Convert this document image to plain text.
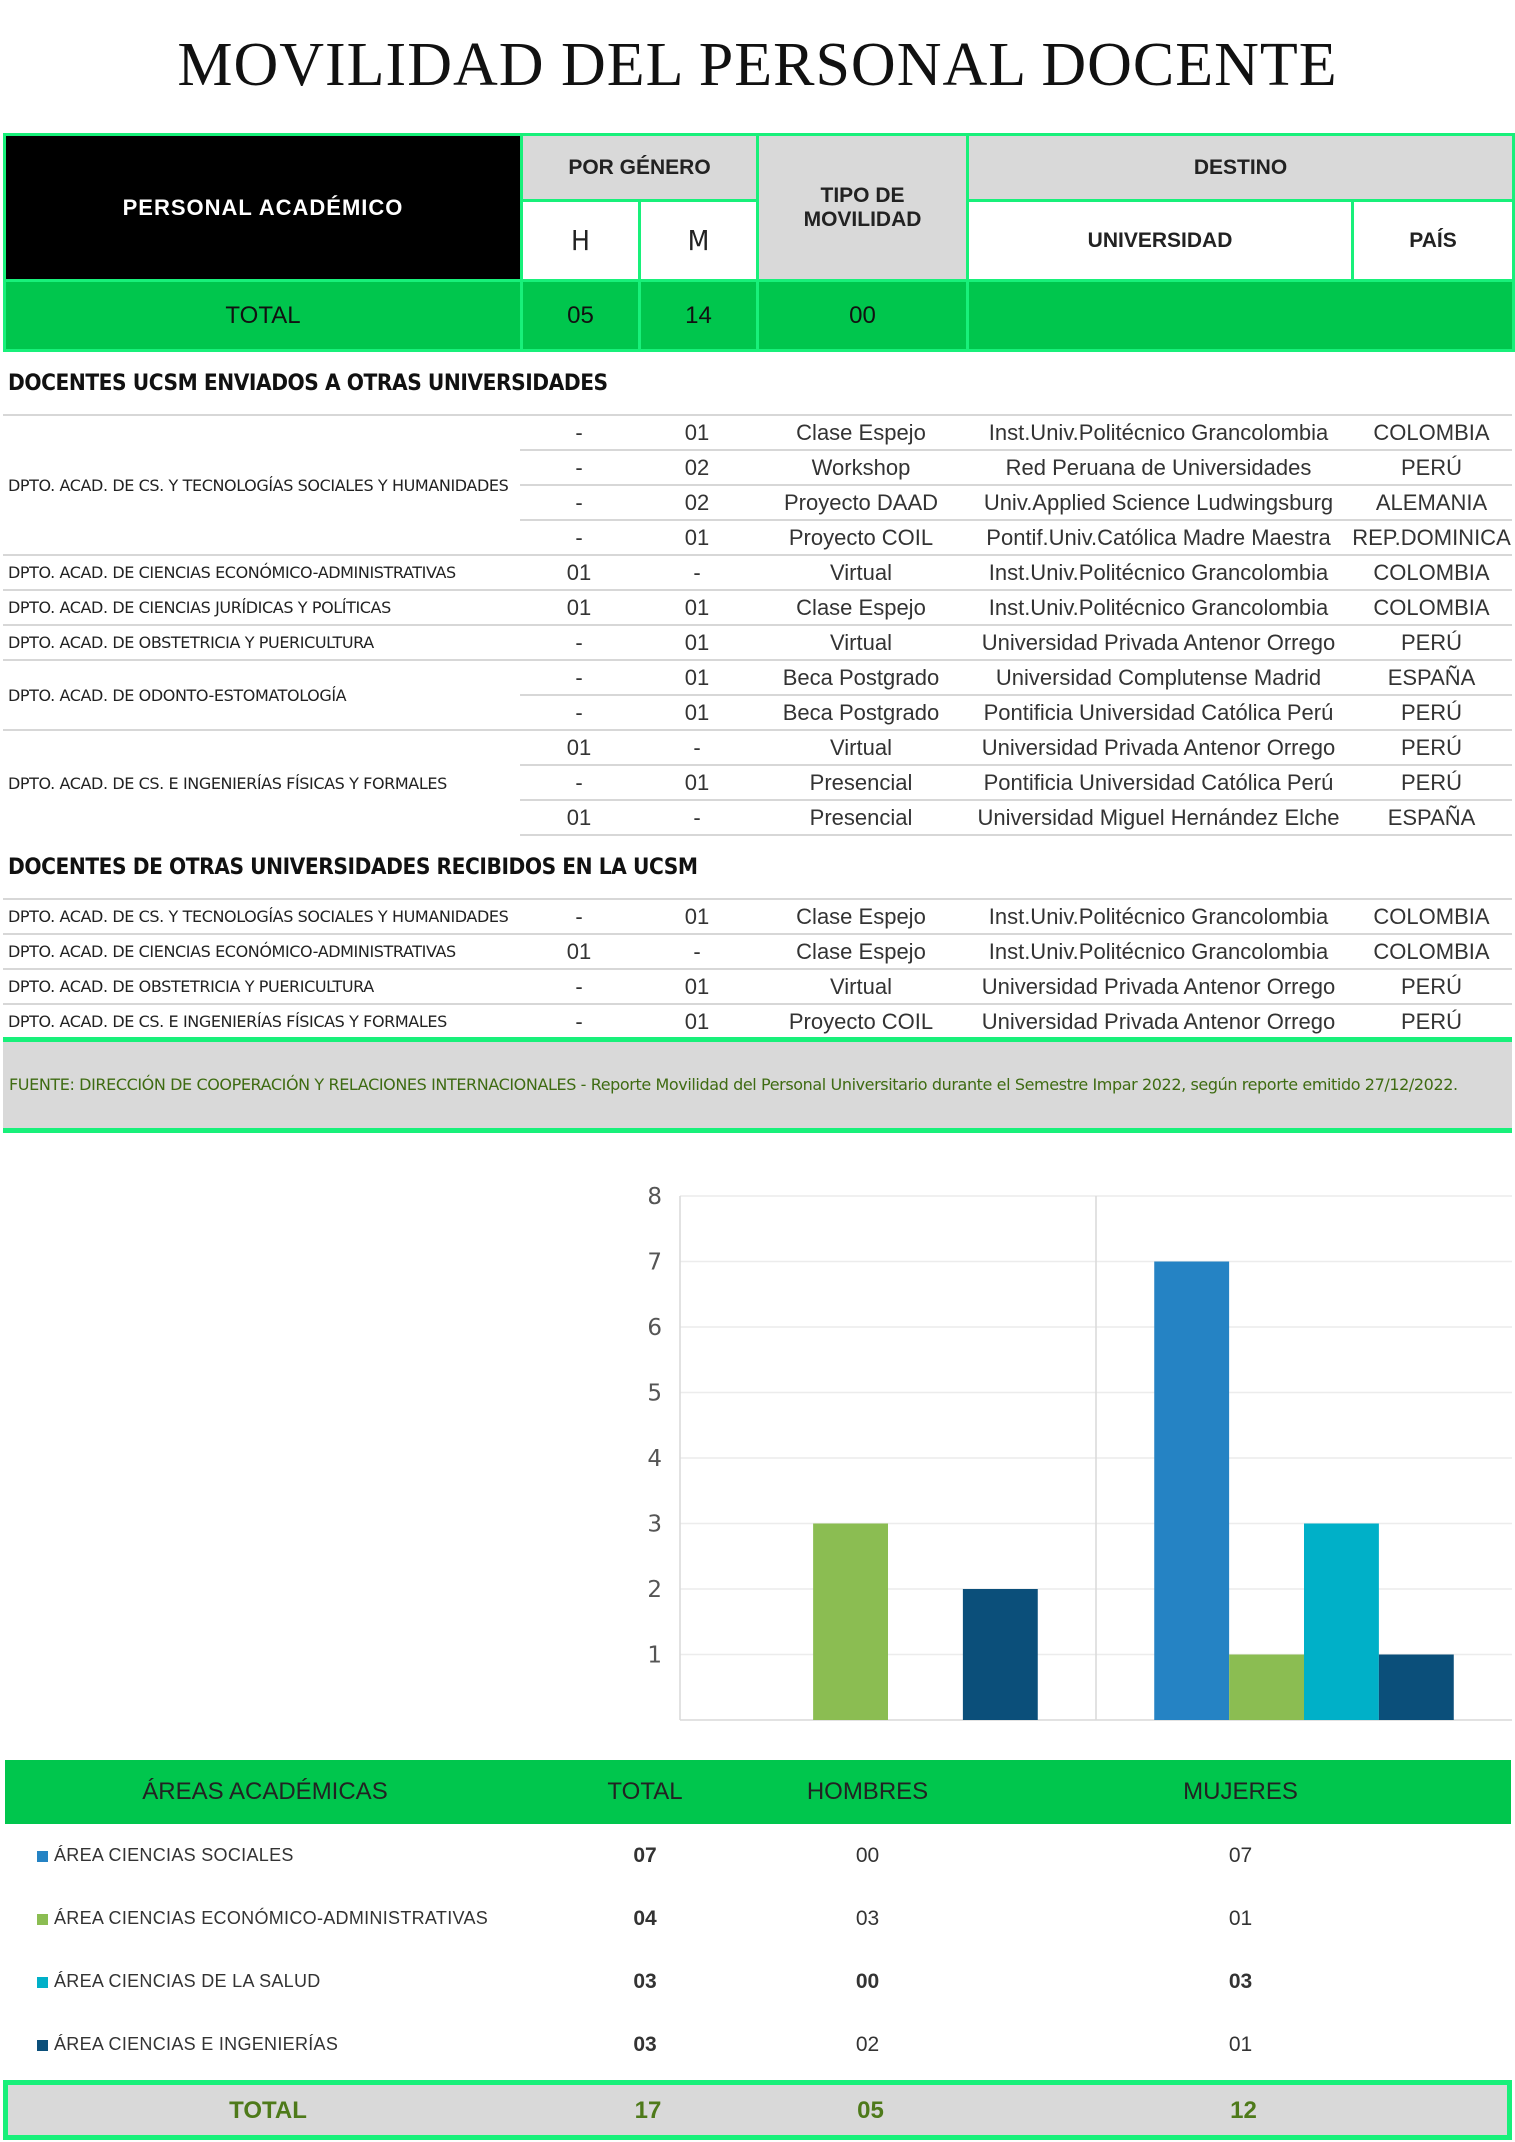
MOVILIDAD DEL PERSONAL DOCENTE
PERSONAL ACADÉMICO	POR GÉNERO		TIPO DE MOVILIDAD	DESTINO	
	H	M		UNIVERSIDAD	PAÍS
TOTAL	05	14	00		
DOCENTES UCSM ENVIADOS A OTRAS UNIVERSIDADES
DPTO. ACAD. DE CS. Y TECNOLOGÍAS SOCIALES Y HUMANIDADES	-	01	Clase Espejo	Inst.Univ.Politécnico Grancolombia	COLOMBIA
	-	02	Workshop	Red Peruana de Universidades	PERÚ
	-	02	Proyecto DAAD	Univ.Applied Science Ludwingsburg	ALEMANIA
	-	01	Proyecto COIL	Pontif.Univ.Católica Madre Maestra	REP.DOMINICA
DPTO. ACAD. DE CIENCIAS ECONÓMICO-ADMINISTRATIVAS	01	-	Virtual	Inst.Univ.Politécnico Grancolombia	COLOMBIA
DPTO. ACAD. DE CIENCIAS JURÍDICAS Y POLÍTICAS	01	01	Clase Espejo	Inst.Univ.Politécnico Grancolombia	COLOMBIA
DPTO. ACAD. DE OBSTETRICIA Y PUERICULTURA	-	01	Virtual	Universidad Privada Antenor Orrego	PERÚ
DPTO. ACAD. DE ODONTO-ESTOMATOLOGÍA	-	01	Beca Postgrado	Universidad Complutense Madrid	ESPAÑA
	-	01	Beca Postgrado	Pontificia Universidad Católica Perú	PERÚ
DPTO. ACAD. DE CS. E INGENIERÍAS FÍSICAS Y FORMALES	01	-	Virtual	Universidad Privada Antenor Orrego	PERÚ
	-	01	Presencial	Pontificia Universidad Católica Perú	PERÚ
	01	-	Presencial	Universidad Miguel Hernández Elche	ESPAÑA
DOCENTES DE OTRAS UNIVERSIDADES RECIBIDOS EN LA UCSM
DPTO. ACAD. DE CS. Y TECNOLOGÍAS SOCIALES Y HUMANIDADES	-	01	Clase Espejo	Inst.Univ.Politécnico Grancolombia	COLOMBIA
DPTO. ACAD. DE CIENCIAS ECONÓMICO-ADMINISTRATIVAS	01	-	Clase Espejo	Inst.Univ.Politécnico Grancolombia	COLOMBIA
DPTO. ACAD. DE OBSTETRICIA Y PUERICULTURA	-	01	Virtual	Universidad Privada Antenor Orrego	PERÚ
DPTO. ACAD. DE CS. E INGENIERÍAS FÍSICAS Y FORMALES	-	01	Proyecto COIL	Universidad Privada Antenor Orrego	PERÚ
FUENTE: DIRECCIÓN DE COOPERACIÓN Y RELACIONES INTERNACIONALES - Reporte Movilidad del Personal Universitario durante el Semestre Impar 2022, según reporte emitido 27/12/2022.
1
2
3
4
5
6
7
8
ÁREAS ACADÉMICAS	TOTAL	HOMBRES	MUJERES
ÁREA CIENCIAS SOCIALES	07	00	07
ÁREA CIENCIAS ECONÓMICO-ADMINISTRATIVAS	04	03	01
ÁREA CIENCIAS DE LA SALUD	03	00	03
ÁREA CIENCIAS E INGENIERÍAS	03	02	01
TOTAL	17	05	12
